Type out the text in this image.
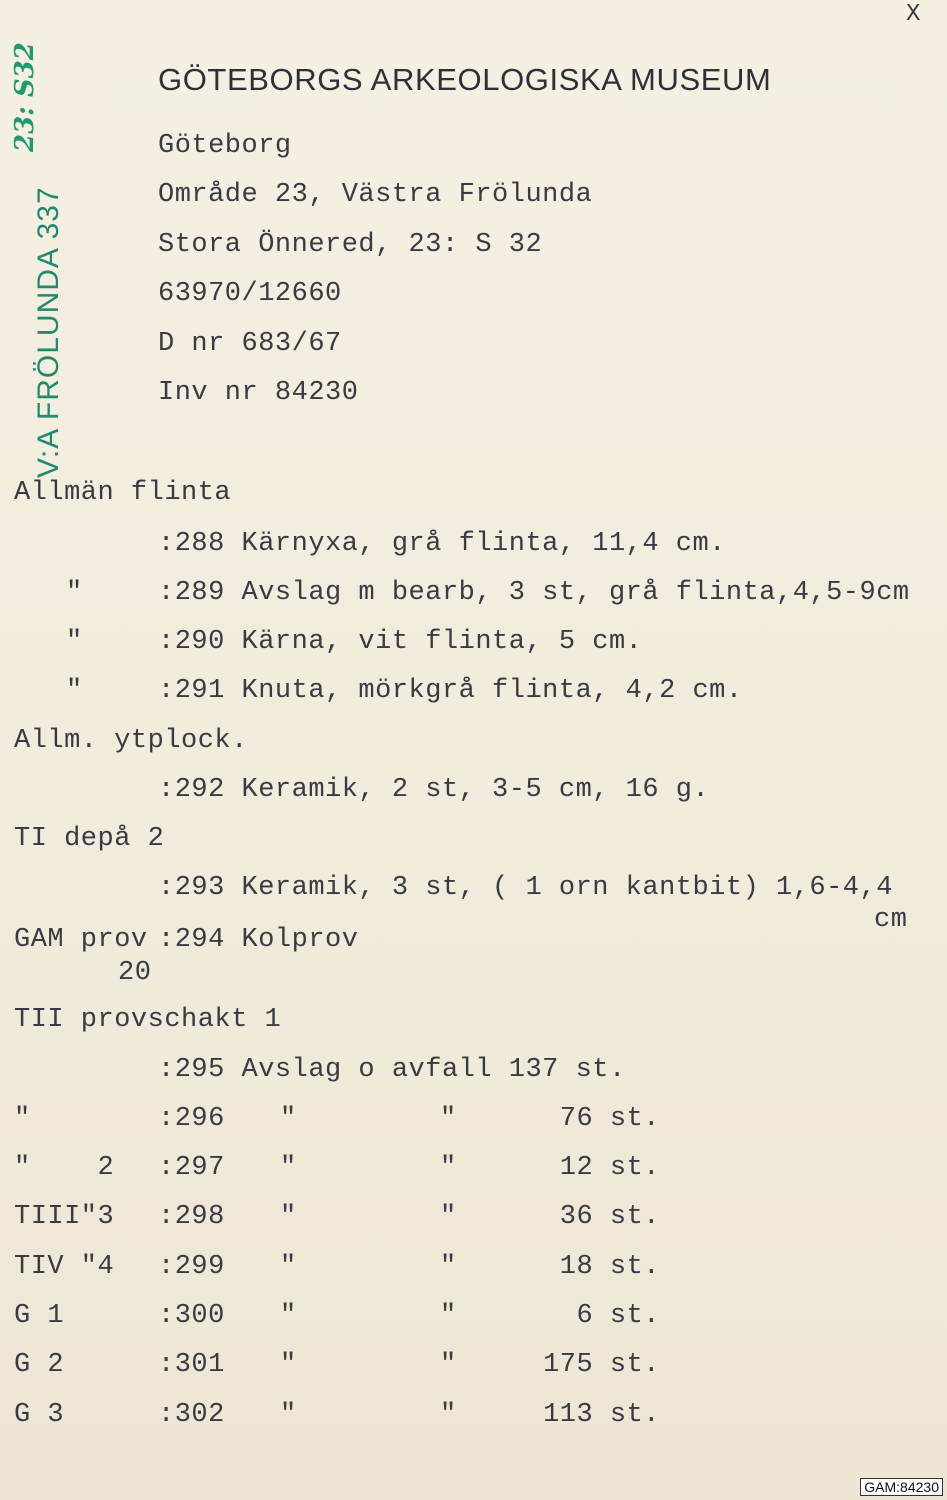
X
23: S32
V:A FRÖLUNDA 337
GÖTEBORGS ARKEOLOGISKA MUSEUM
Göteborg
Område 23, Västra Frölunda
Stora Önnered, 23: S 32
63970/12660
D nr 683/67
Inv nr 84230
Allmän flinta
:288 Kärnyxa, grå flinta, 11,4 cm.
"	:289 Avslag m bearb, 3 st, grå flinta,4,5-9cm
"	:290 Kärna, vit flinta, 5 cm.
"	:291 Knuta, mörkgrå flinta, 4,2 cm.
Allm. ytplock.
:292 Keramik, 2 st, 3-5 cm, 16 g.
TI depå 2
:293 Keramik, 3 st, ( 1 orn kantbit) 1,6-4,4
cm
GAM prov :294 Kolprov
20
TII provschakt 1
:295 Avslag o avfall 137 st.
"	:296 "	"	76 st.
"    2 :297 "	"	12 st.
TIII"3 :298 "	"	36 st.
TIV "4 :299 "	"	18 st.
G 1	:300 "	"	6 st.
G 2	:301 "	"	175 st.
G 3	:302 "	"	113 st.
GAM:84230
